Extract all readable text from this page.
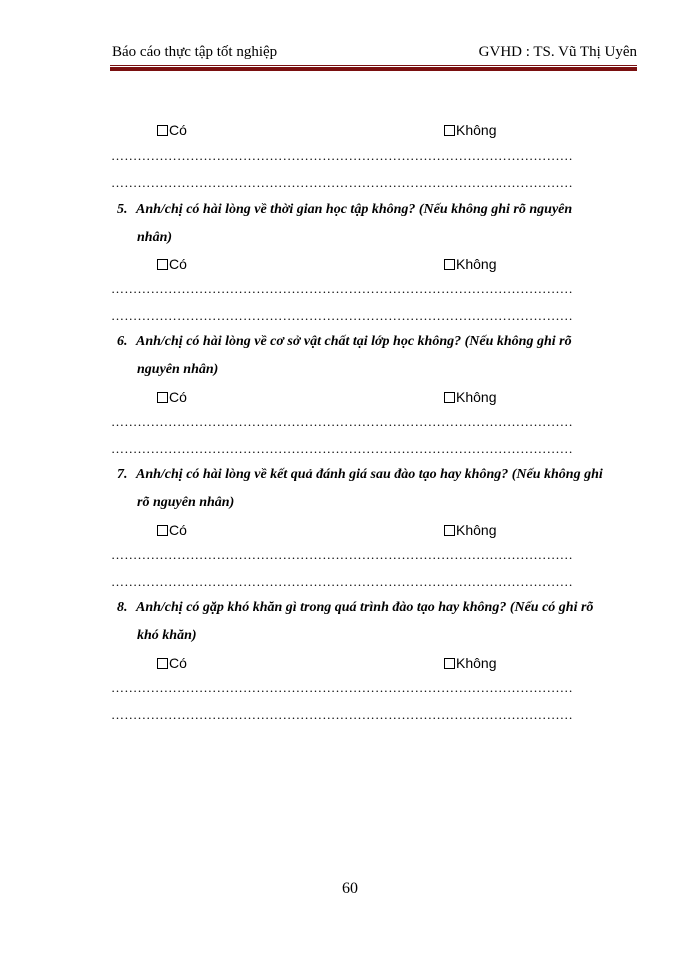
Báo cáo thực tập tốt nghiệp	GVHD : TS. Vũ Thị Uyên
Có	Không
……………………………………………………………………………………………
……………………………………………………………………………………………
5. Anh/chị có hài lòng về thời gian học tập không? (Nếu không ghi rõ nguyên
nhân)
Có	Không
……………………………………………………………………………………………
……………………………………………………………………………………………
6. Anh/chị có hài lòng về cơ sở vật chất tại lớp học không? (Nếu không ghi rõ
nguyên nhân)
Có	Không
……………………………………………………………………………………………
……………………………………………………………………………………………
7. Anh/chị có hài lòng về kết quả đánh giá sau đào tạo hay không? (Nếu không ghi
rõ nguyên nhân)
Có	Không
……………………………………………………………………………………………
……………………………………………………………………………………………
8. Anh/chị có gặp khó khăn gì trong quá trình đào tạo hay không? (Nếu có ghi rõ
khó khăn)
Có	Không
……………………………………………………………………………………………
……………………………………………………………………………………………
60
